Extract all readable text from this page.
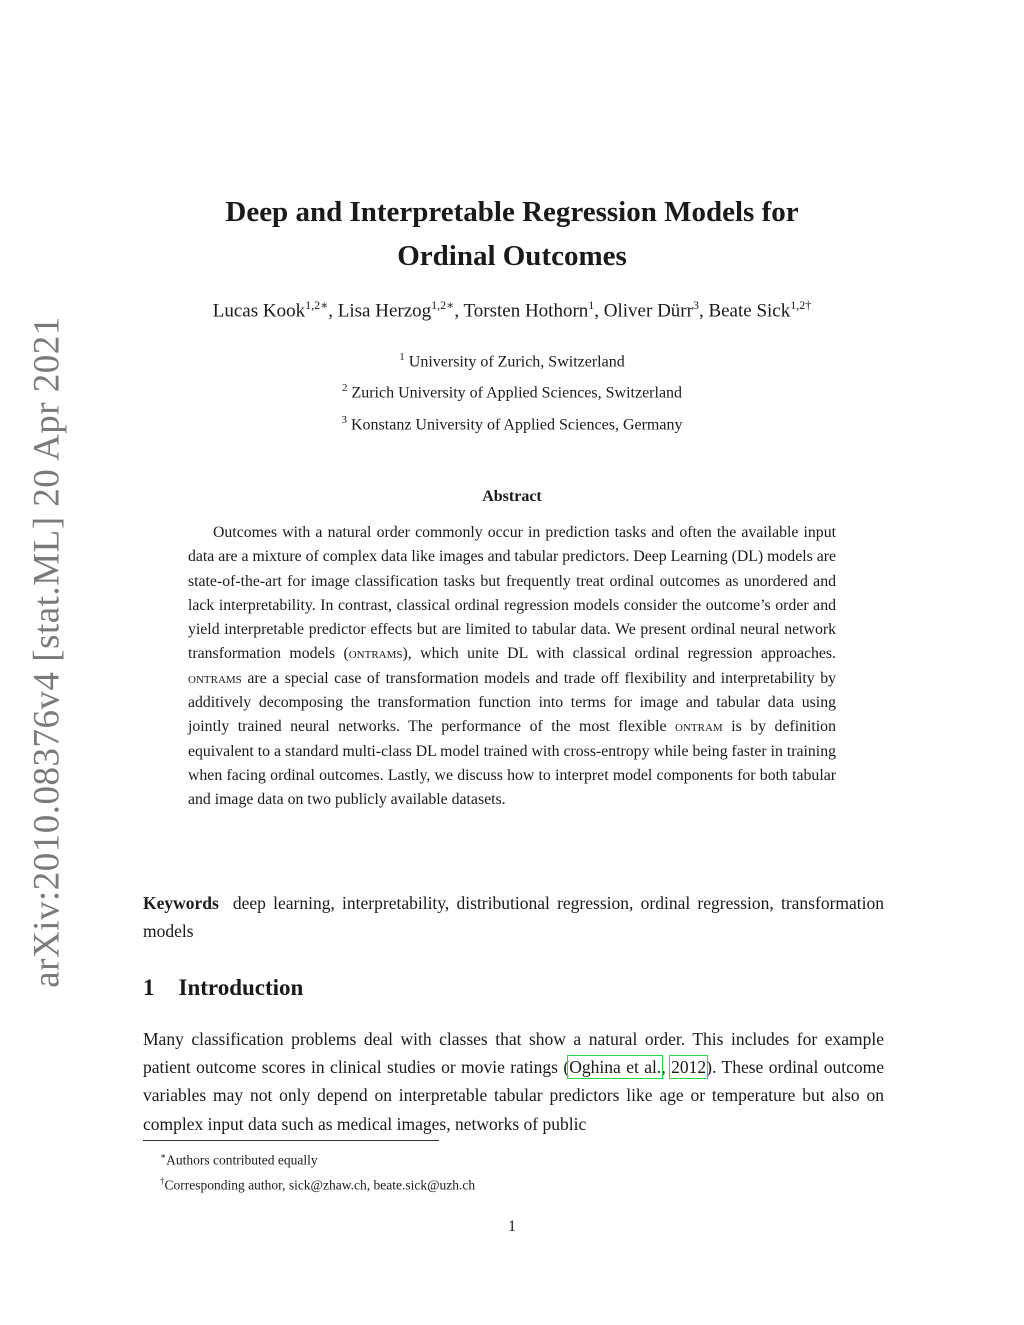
arXiv:2010.08376v4 [stat.ML] 20 Apr 2021
Deep and Interpretable Regression Models for
Ordinal Outcomes
Lucas Kook$^{1,2∗}$, Lisa Herzog$^{1,2∗}$, Torsten Hothorn$^1$, Oliver Dürr$^3$, Beate Sick$^{1,2\dagger}$
$^1$ University of Zurich, Switzerland
$^2$ Zurich University of Applied Sciences, Switzerland
$^3$ Konstanz University of Applied Sciences, Germany
Abstract
Outcomes with a natural order commonly occur in prediction tasks and often the available input data are a mixture of complex data like images and tabular predictors. Deep Learning (DL) models are state-of-the-art for image classification tasks but frequently treat ordinal outcomes as unordered and lack interpretability. In contrast, classical ordinal regression models consider the outcome’s order and yield interpretable predictor effects but are limited to tabular data. We present ordinal neural network transformation models (ontrams), which unite DL with classical ordinal regression approaches. ontrams are a special case of transformation models and trade off flexibility and interpretability by additively decomposing the transformation function into terms for image and tabular data using jointly trained neural networks. The performance of the most flexible ontram is by definition equivalent to a standard multi-class DL model trained with cross-entropy while being faster in training when facing ordinal outcomes. Lastly, we discuss how to interpret model components for both tabular and image data on two publicly available datasets.
Keywords deep learning, interpretability, distributional regression, ordinal regression, transformation models
1 Introduction
Many classification problems deal with classes that show a natural order. This includes for example patient outcome scores in clinical studies or movie ratings (Oghina et al., 2012). These ordinal outcome variables may not only depend on interpretable tabular predictors like age or temperature but also on complex input data such as medical images, networks of public
∗Authors contributed equally
†Corresponding author, sick@zhaw.ch, beate.sick@uzh.ch
1
